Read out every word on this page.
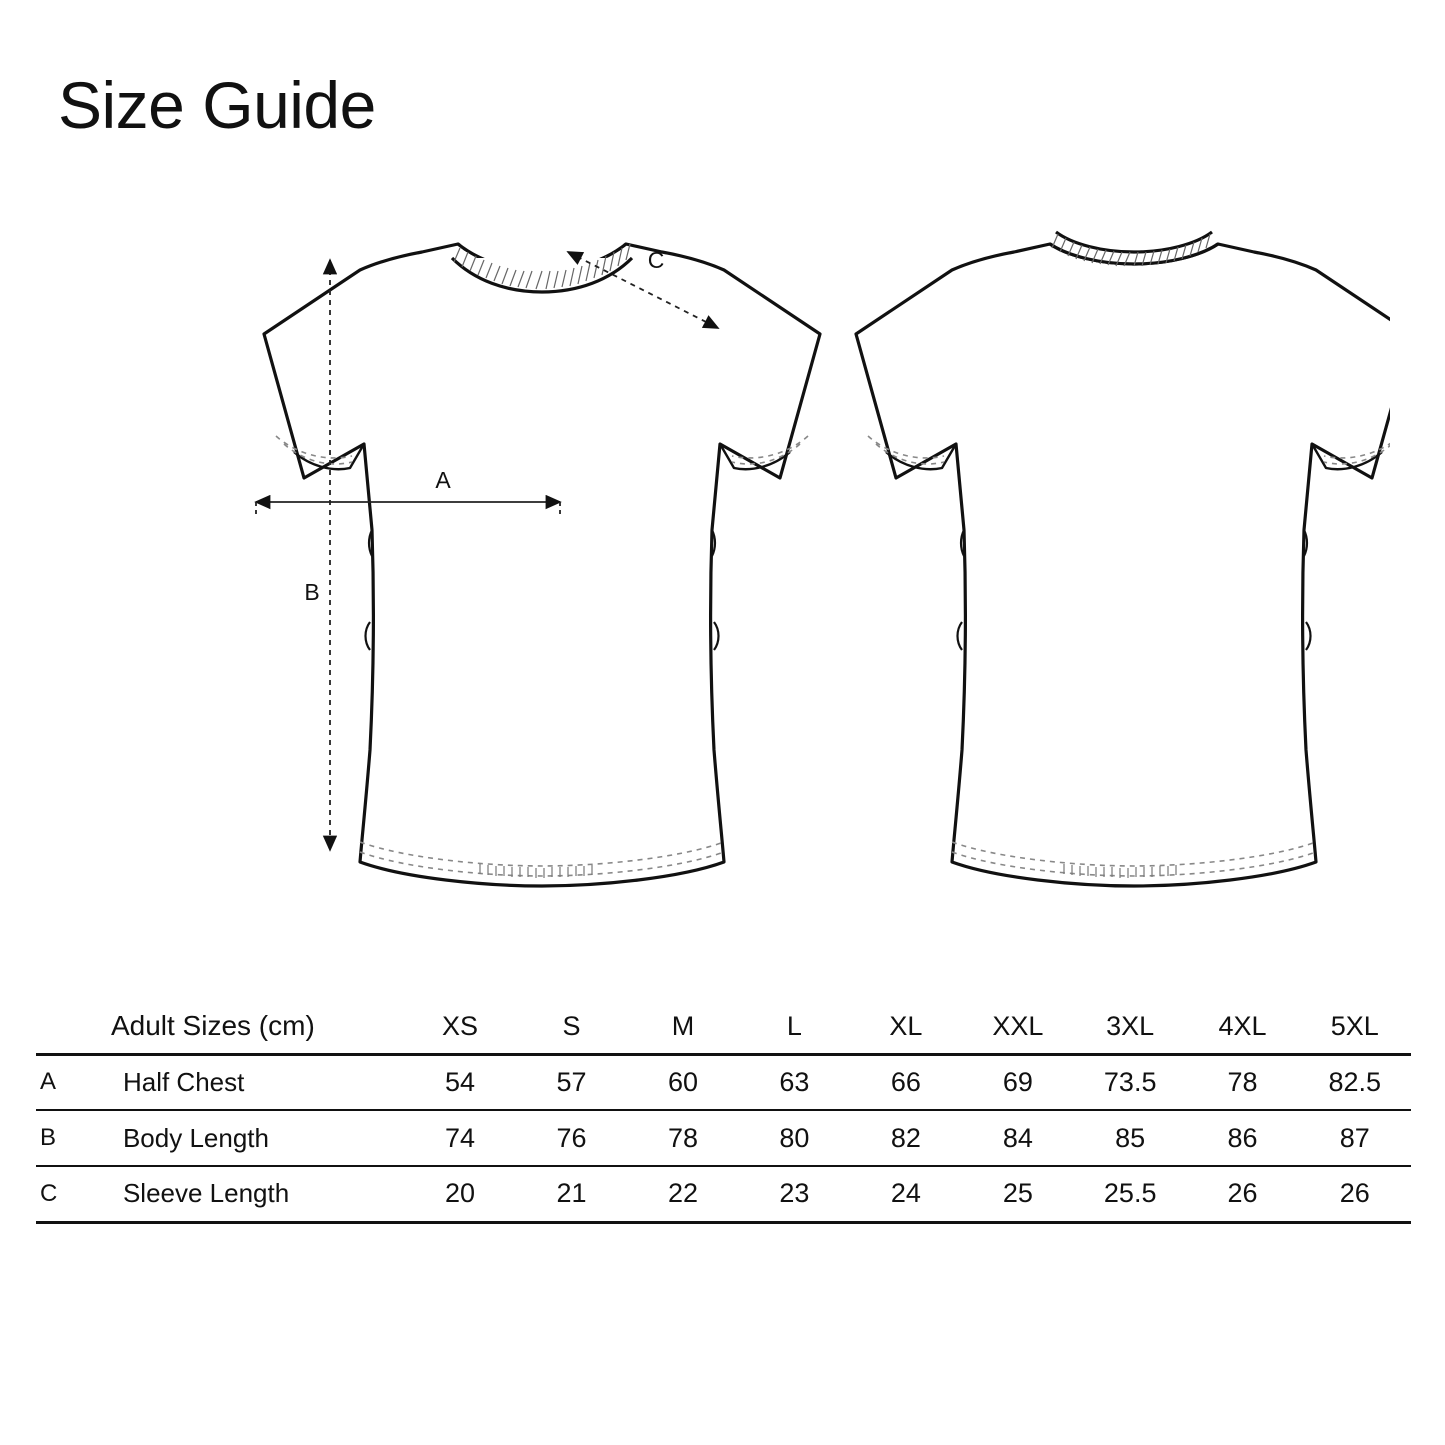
Size Guide
A
B
C
	Adult Sizes (cm)	XS	S	M	L	XL	XXL	3XL	4XL	5XL
A	Half Chest	54	57	60	63	66	69	73.5	78	82.5
B	Body Length	74	76	78	80	82	84	85	86	87
C	Sleeve Length	20	21	22	23	24	25	25.5	26	26
